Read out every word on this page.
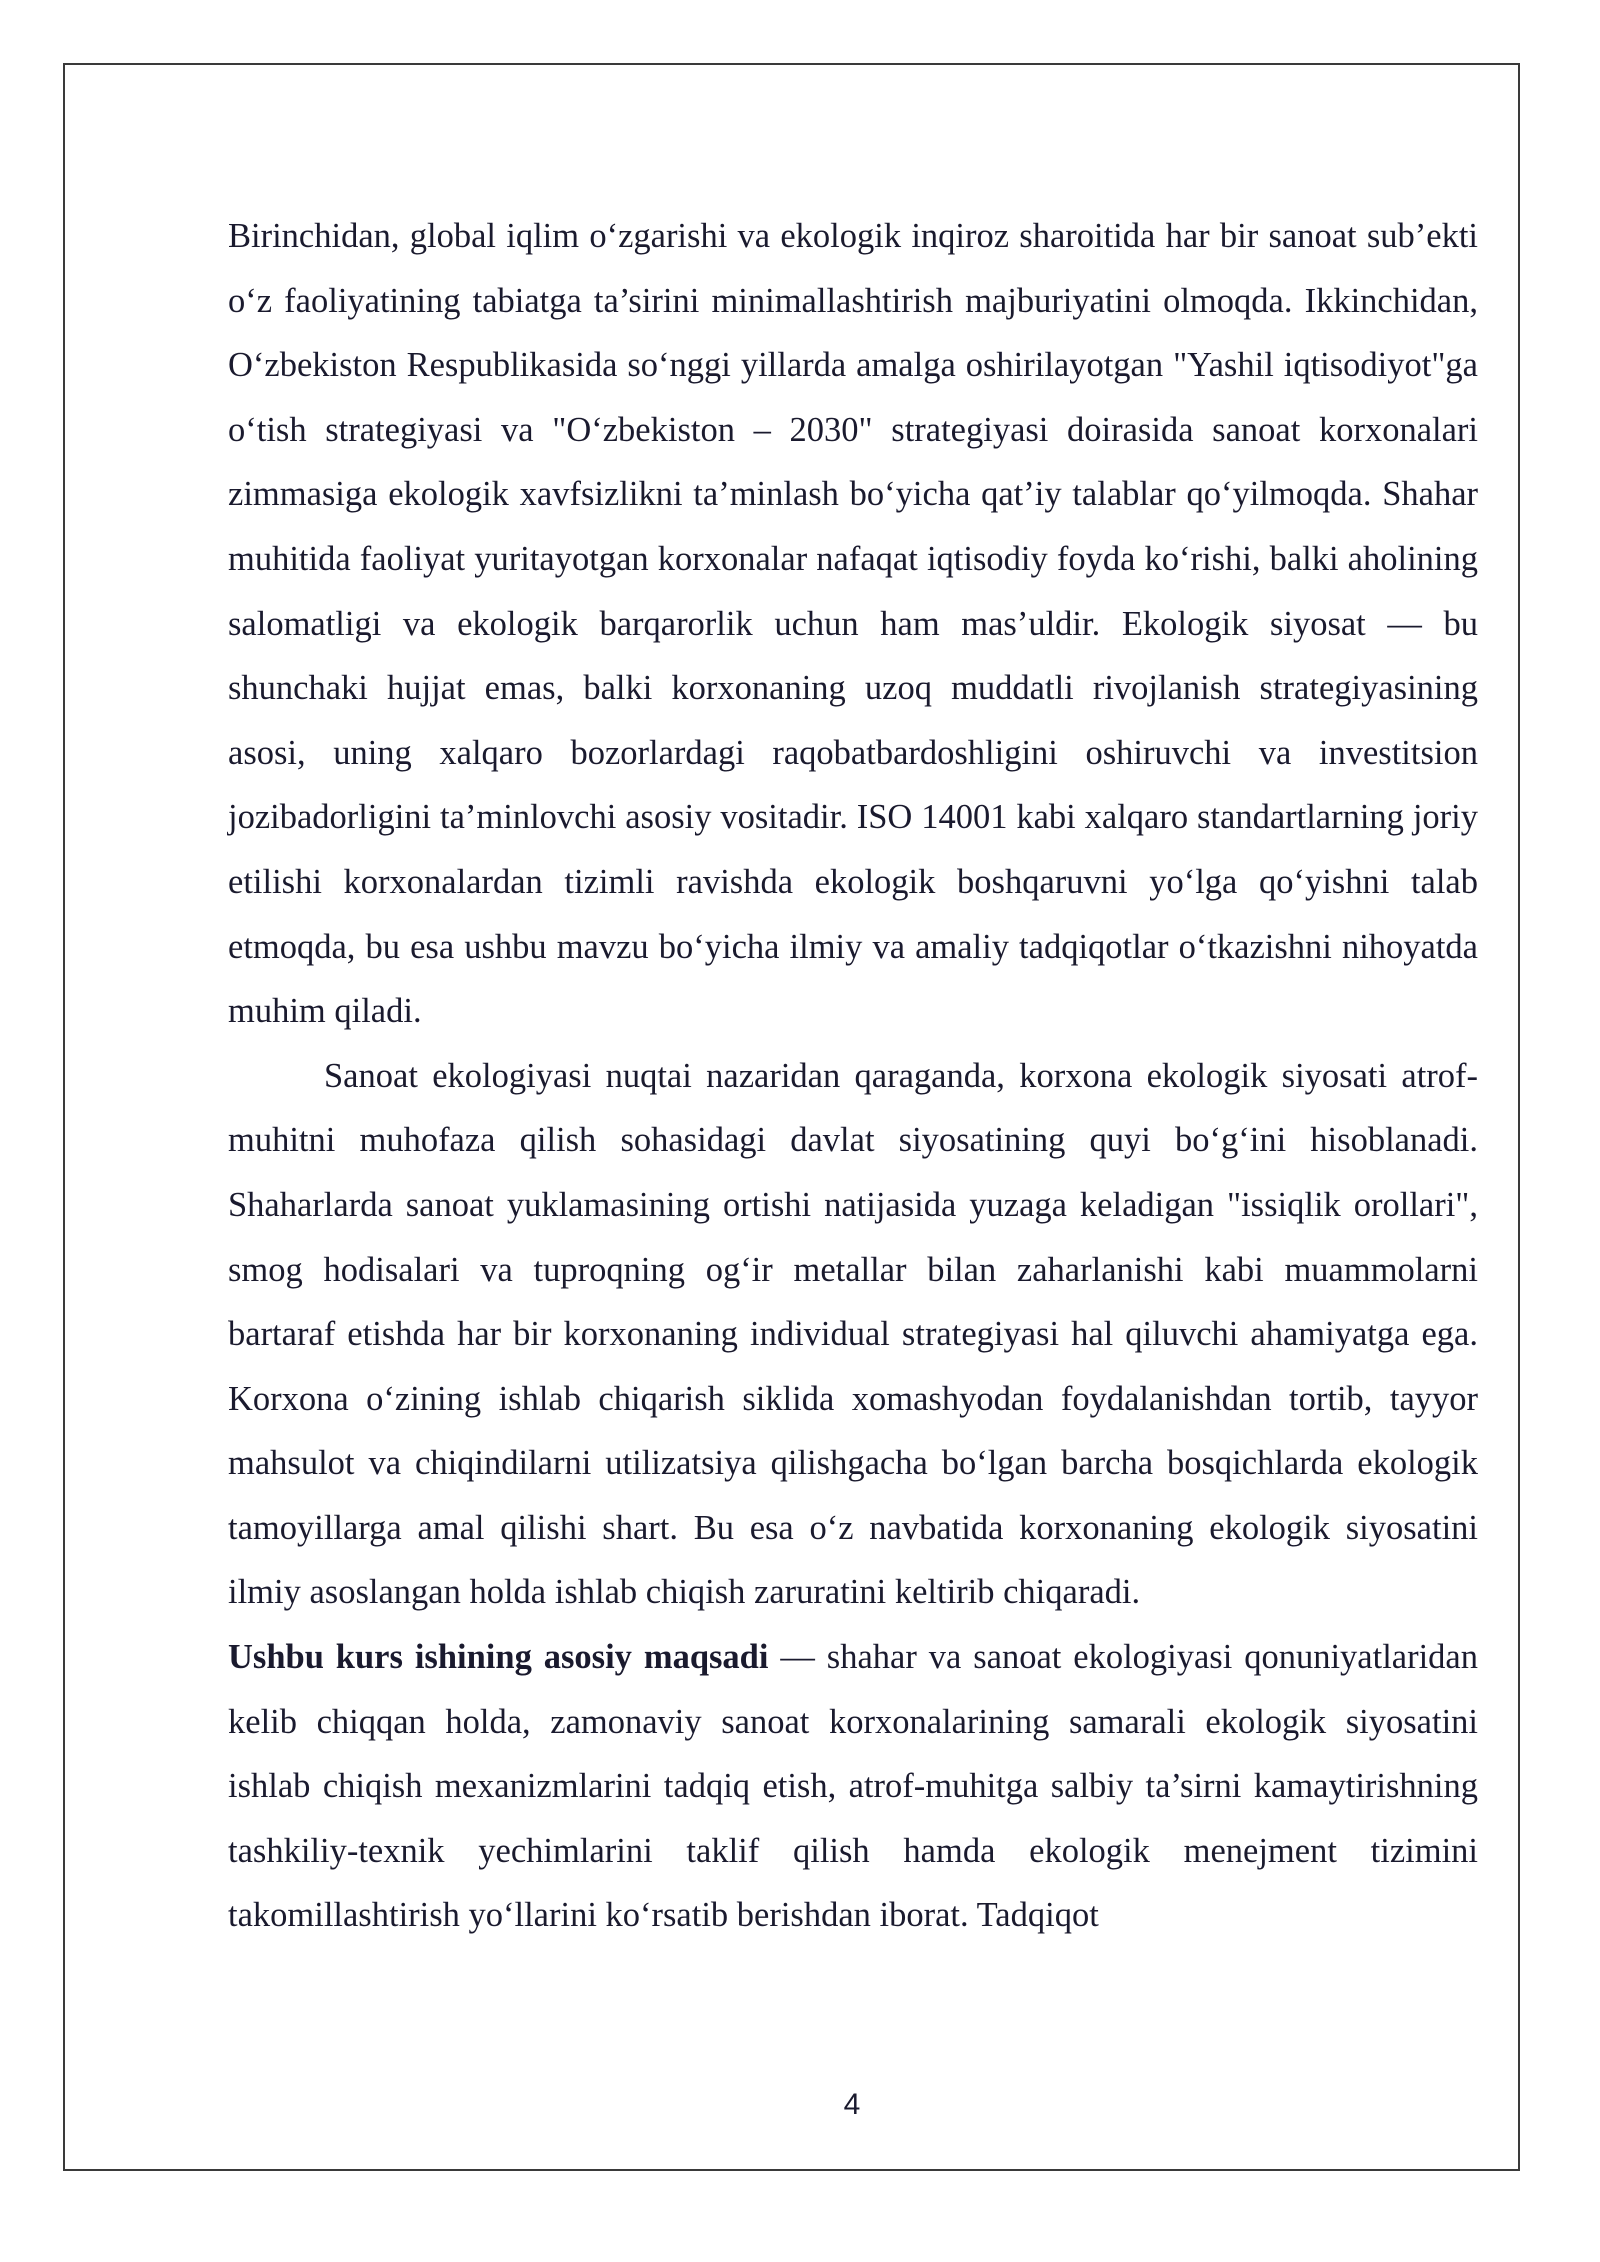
Birinchidan, global iqlim o‘zgarishi va ekologik inqiroz sharoitida har bir sanoat sub’ekti o‘z faoliyatining tabiatga ta’sirini minimallashtirish majburiyatini olmoqda. Ikkinchidan, O‘zbekiston Respublikasida so‘nggi yillarda amalga oshirilayotgan "Yashil iqtisodiyot"ga o‘tish strategiyasi va "O‘zbekiston – 2030" strategiyasi doirasida sanoat korxonalari zimmasiga ekologik xavfsizlikni ta’minlash bo‘yicha qat’iy talablar qo‘yilmoqda. Shahar muhitida faoliyat yuritayotgan korxonalar nafaqat iqtisodiy foyda ko‘rishi, balki aholining salomatligi va ekologik barqarorlik uchun ham mas’uldir. Ekologik siyosat — bu shunchaki hujjat emas, balki korxonaning uzoq muddatli rivojlanish strategiyasining asosi, uning xalqaro bozorlardagi raqobatbardoshligini oshiruvchi va investitsion jozibadorligini ta’minlovchi asosiy vositadir. ISO 14001 kabi xalqaro standartlarning joriy etilishi korxonalardan tizimli ravishda ekologik boshqaruvni yo‘lga qo‘yishni talab etmoqda, bu esa ushbu mavzu bo‘yicha ilmiy va amaliy tadqiqotlar o‘tkazishni nihoyatda muhim qiladi.

Sanoat ekologiyasi nuqtai nazaridan qaraganda, korxona ekologik siyosati atrof-muhitni muhofaza qilish sohasidagi davlat siyosatining quyi bo‘g‘ini hisoblanadi. Shaharlarda sanoat yuklamasining ortishi natijasida yuzaga keladigan "issiqlik orollari", smog hodisalari va tuproqning og‘ir metallar bilan zaharlanishi kabi muammolarni bartaraf etishda har bir korxonaning individual strategiyasi hal qiluvchi ahamiyatga ega. Korxona o‘zining ishlab chiqarish siklida xomashyodan foydalanishdan tortib, tayyor mahsulot va chiqindilarni utilizatsiya qilishgacha bo‘lgan barcha bosqichlarda ekologik tamoyillarga amal qilishi shart. Bu esa o‘z navbatida korxonaning ekologik siyosatini ilmiy asoslangan holda ishlab chiqish zaruratini keltirib chiqaradi.

Ushbu kurs ishining asosiy maqsadi — shahar va sanoat ekologiyasi qonuniyatlaridan kelib chiqqan holda, zamonaviy sanoat korxonalarining samarali ekologik siyosatini ishlab chiqish mexanizmlarini tadqiq etish, atrof-muhitga salbiy ta’sirni kamaytirishning tashkiliy-texnik yechimlarini taklif qilish hamda ekologik menejment tizimini takomillashtirish yo‘llarini ko‘rsatib berishdan iborat. Tadqiqot

4
